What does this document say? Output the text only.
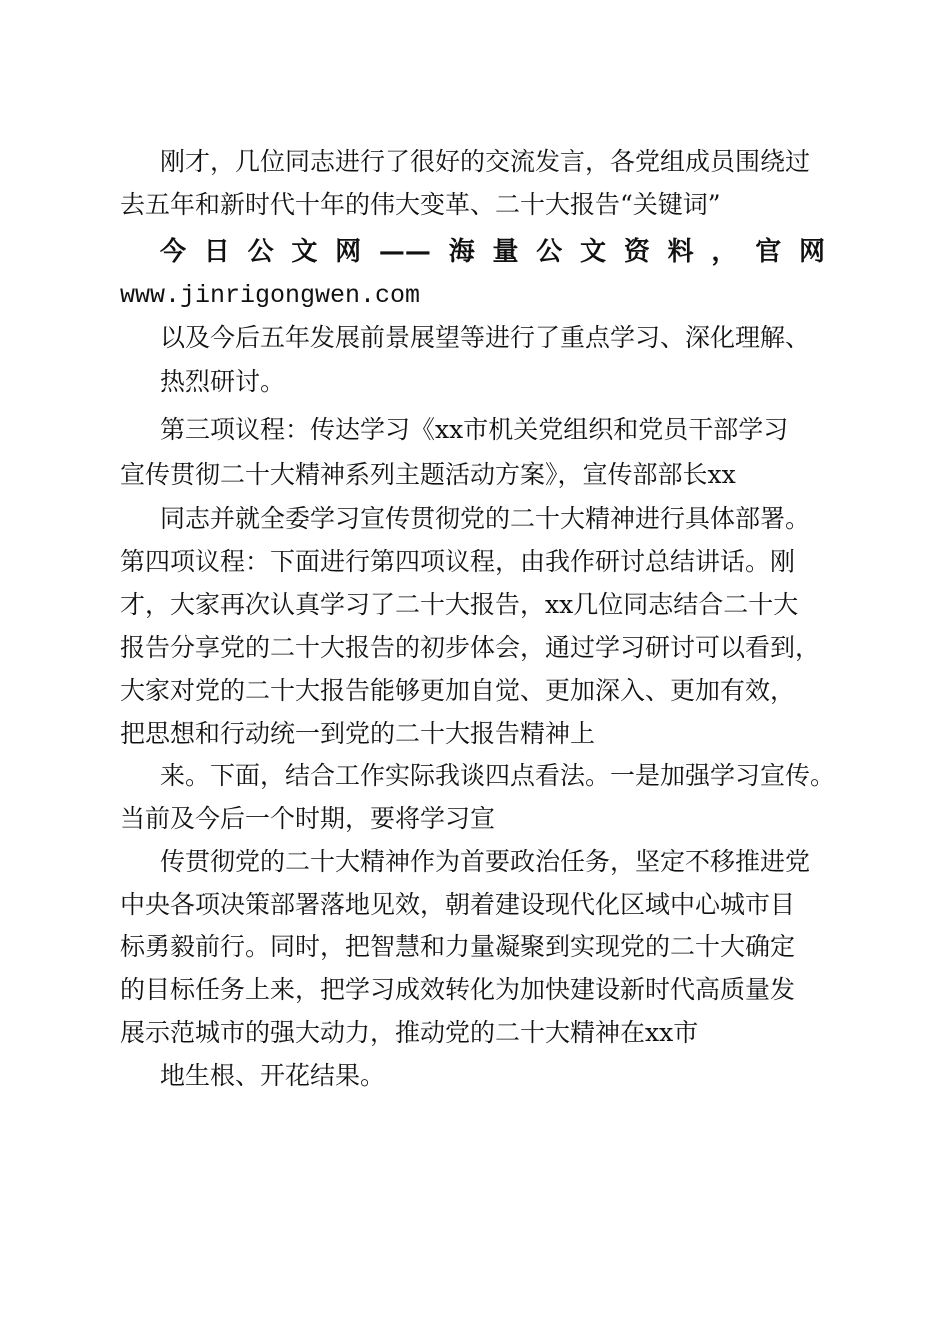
刚才，几位同志进行了很好的交流发言，各党组成员围绕过
去五年和新时代十年的伟大变革、二十大报告“关键词”
今日公文网——海量公文资料，官网
www.jinrigongwen.com
以及今后五年发展前景展望等进行了重点学习、深化理解、
热烈研讨。
第三项议程：传达学习《xx市机关党组织和党员干部学习
宣传贯彻二十大精神系列主题活动方案》，宣传部部长xx
同志并就全委学习宣传贯彻党的二十大精神进行具体部署。
第四项议程：下面进行第四项议程，由我作研讨总结讲话。刚
才，大家再次认真学习了二十大报告，xx几位同志结合二十大
报告分享党的二十大报告的初步体会，通过学习研讨可以看到，
大家对党的二十大报告能够更加自觉、更加深入、更加有效，
把思想和行动统一到党的二十大报告精神上
来。下面，结合工作实际我谈四点看法。一是加强学习宣传。
当前及今后一个时期，要将学习宣
传贯彻党的二十大精神作为首要政治任务，坚定不移推进党
中央各项决策部署落地见效，朝着建设现代化区域中心城市目
标勇毅前行。同时，把智慧和力量凝聚到实现党的二十大确定
的目标任务上来，把学习成效转化为加快建设新时代高质量发
展示范城市的强大动力，推动党的二十大精神在xx市
地生根、开花结果。
